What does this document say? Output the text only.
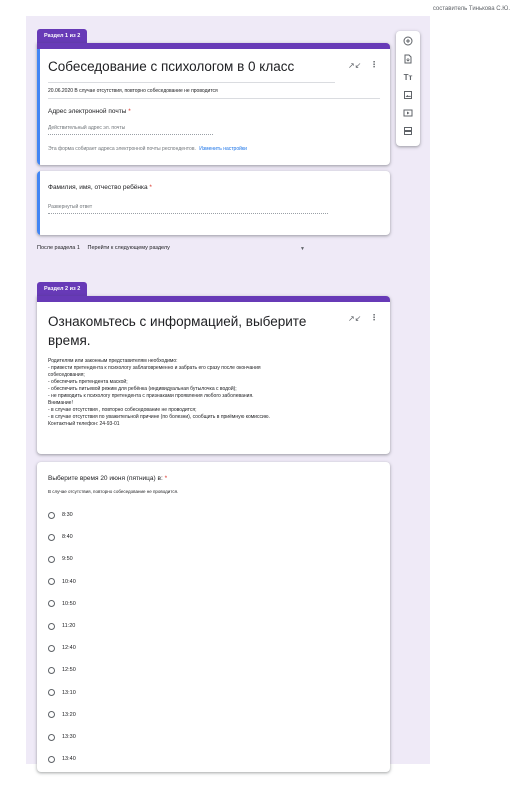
составитель Тинькова С.Ю.
Раздел 1 из 2
Собеседование с психологом в 0 класс	↗↙ ⋮
20.06.2020 В случае отсутствия, повторно собеседование не проводится
Адрес электронной почты *
Действительный адрес эл. почты
Эта форма собирает адреса электронной почты респондентов. Изменить настройки
Фамилия, имя, отчество ребёнка *
Развернутый ответ
После раздела 1 Перейти к следующему разделу	▼
Раздел 2 из 2
Ознакомьтесь с информацией, выберите
время.
↗↙ ⋮
Родителям или законным представителям необходимо:
- привести претендента к психологу заблаговременно и забрать его сразу после окончания
собеседования;
- обеспечить претендента маской;
- обеспечить питьевой режим для ребёнка (индивидуальная бутылочка с водой);
- не приводить к психологу претендента с признаками проявления любого заболевания.
Внимание!
- в случае отсутствия , повторно собеседование не проводится;
- в случае отсутствия по уважительной причине (по болезни), сообщить в приёмную комиссию.
Контактный телефон: 24-93-01
Выберите время 20 июня (пятница) в: *
В случае отсутствия, повторно собеседование не проводится.
8:30
8:40
9:50
10:40
10:50
11:20
12:40
12:50
13:10
13:20
13:30
13:40
Tт
